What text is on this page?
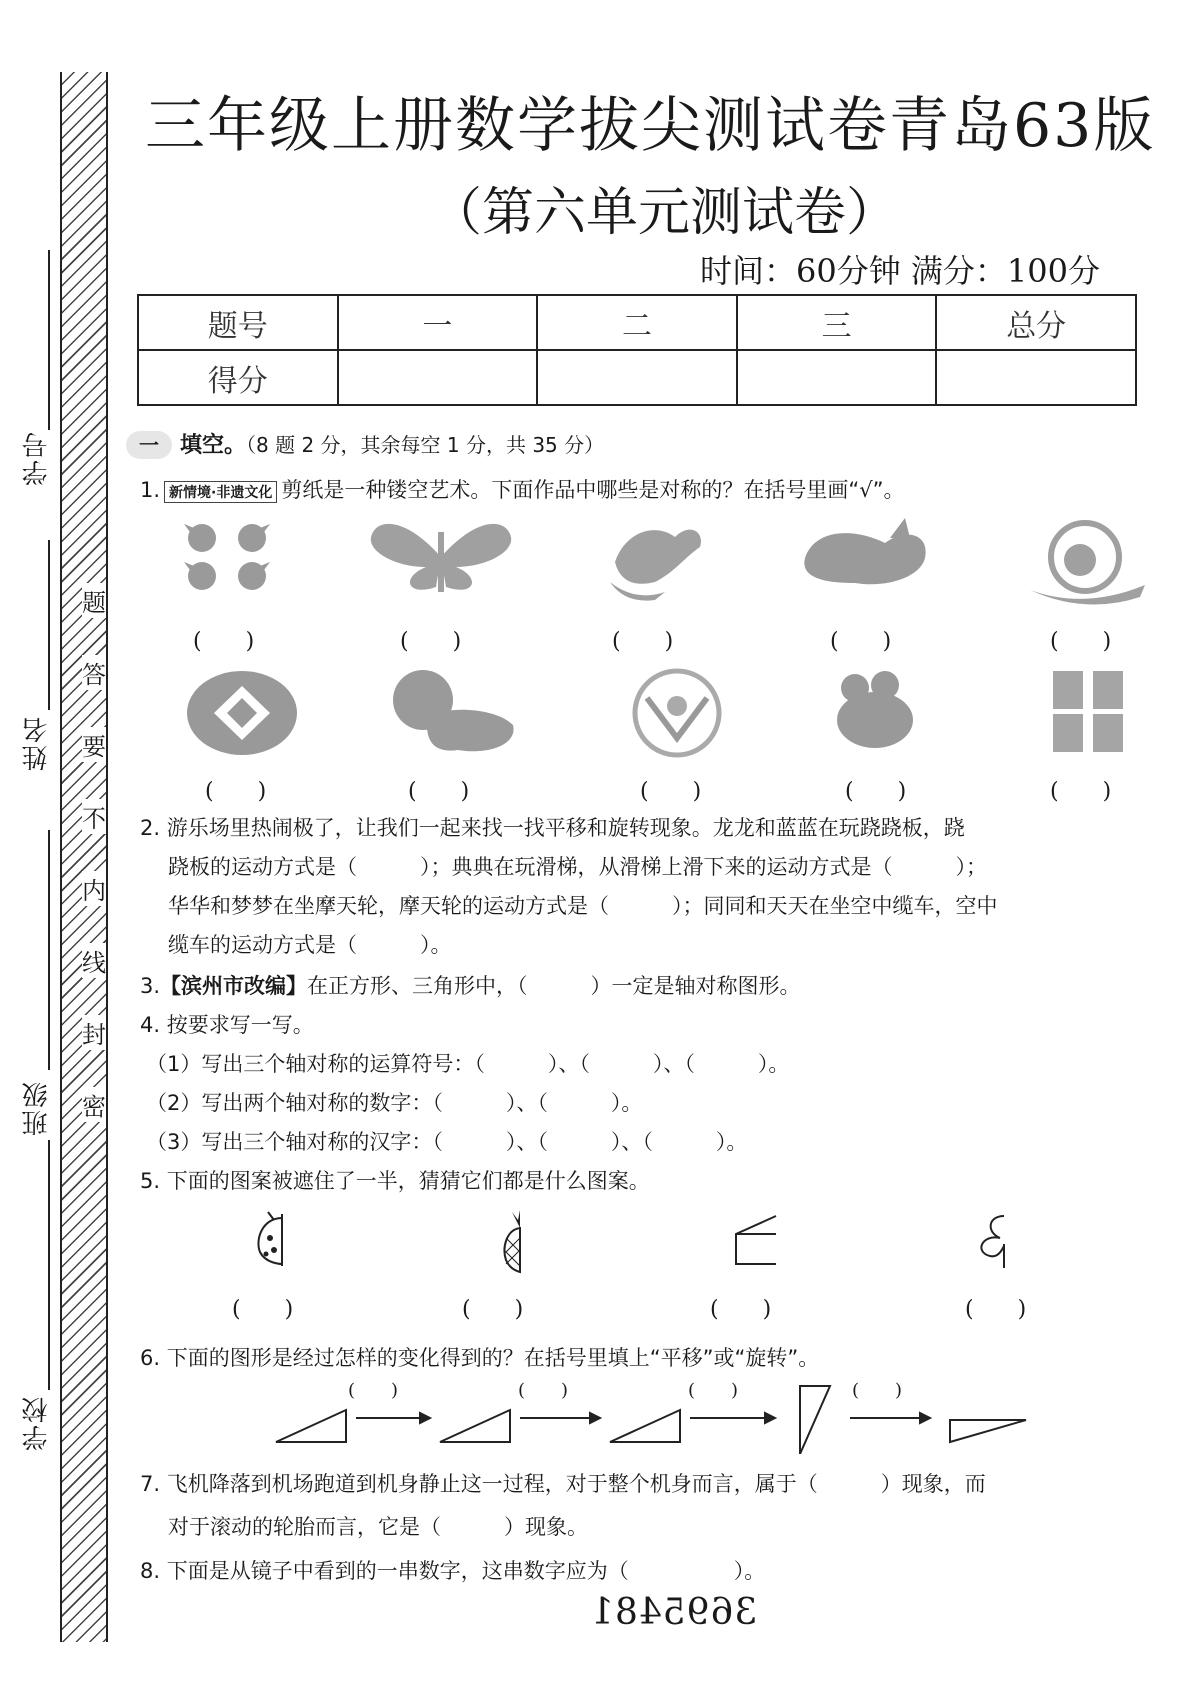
学号
姓名
班级
学校
题
答
要
不
内
线
封
密
三年级上册数学拔尖测试卷青岛63版
（第六单元测试卷）
时间：60分钟 满分：100分
题号	一	二	三	总分
得分				
一 填空。（8 题 2 分，其余每空 1 分，共 35 分）
1. 新情境·非遗文化 剪纸是一种镂空艺术。下面作品中哪些是对称的？在括号里画“√”。
(　　)	(　　)	(　　)	(　　)	(　　)
(　　)	(　　)	(　　)	(　　)	(　　)
2. 游乐场里热闹极了，让我们一起来找一找平移和旋转现象。龙龙和蓝蓝在玩跷跷板，跷
跷板的运动方式是（　　　）；典典在玩滑梯，从滑梯上滑下来的运动方式是（　　　）；
华华和梦梦在坐摩天轮，摩天轮的运动方式是（　　　）；同同和天天在坐空中缆车，空中
缆车的运动方式是（　　　）。
3.【滨州市改编】在正方形、三角形中，（　　　）一定是轴对称图形。
4. 按要求写一写。
（1）写出三个轴对称的运算符号：（　　　）、（　　　）、（　　　）。
（2）写出两个轴对称的数字：（　　　）、（　　　）。
（3）写出三个轴对称的汉字：（　　　）、（　　　）、（　　　）。
5. 下面的图案被遮住了一半，猜猜它们都是什么图案。
(　　)	(　　)	(　　)	(　　)
6. 下面的图形是经过怎样的变化得到的？在括号里填上“平移”或“旋转”。
(　　)	(　　)	(　　)	(　　)
7. 飞机降落到机场跑道到机身静止这一过程，对于整个机身而言，属于（　　　）现象，而
对于滚动的轮胎而言，它是（　　　）现象。
8. 下面是从镜子中看到的一串数字，这串数字应为（　　　　　）。
3695481
